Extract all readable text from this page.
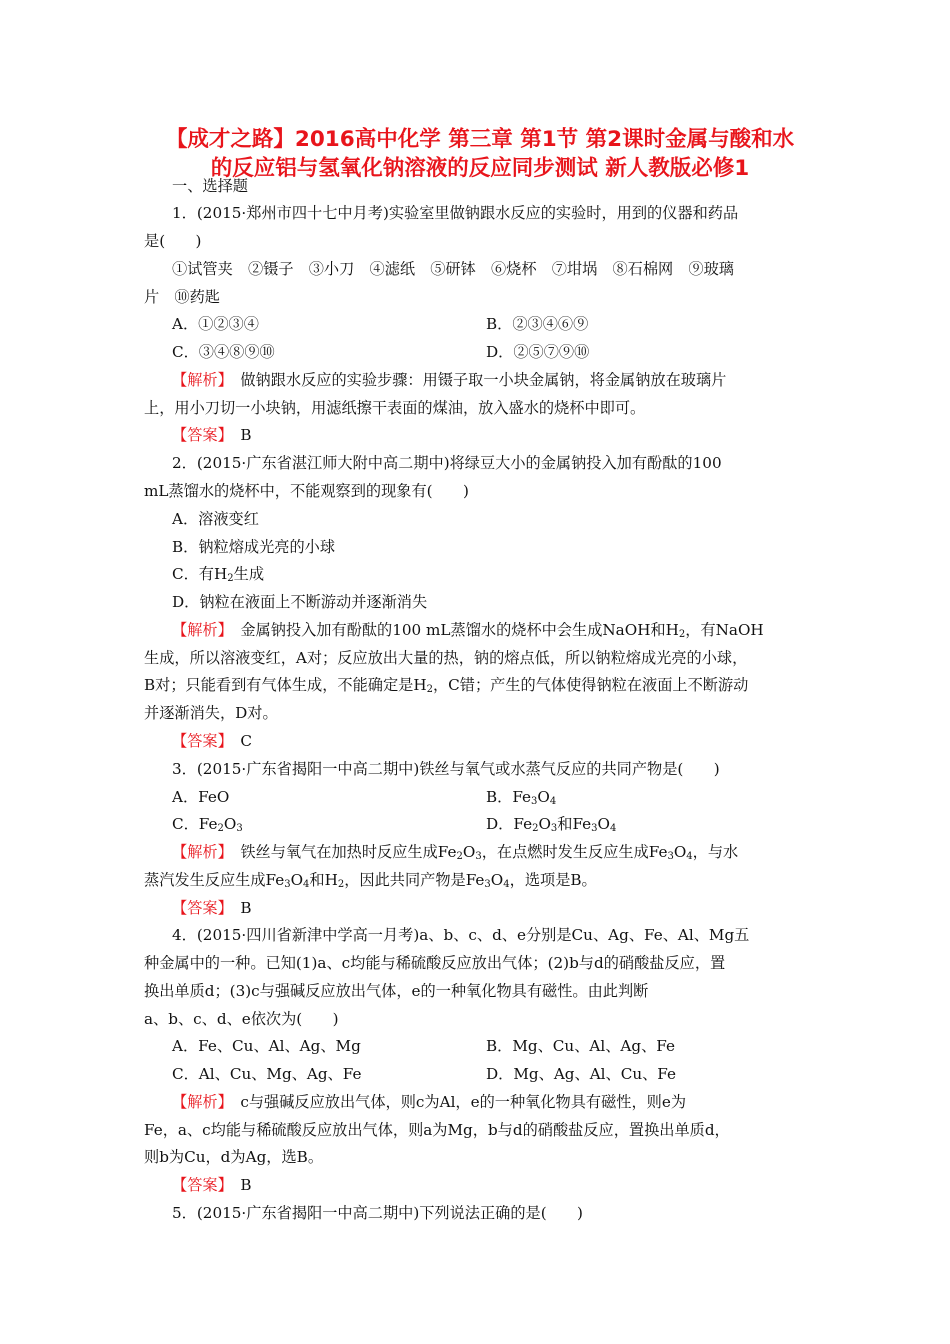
【成才之路】2016高中化学 第三章 第1节 第2课时金属与酸和水
的反应铝与氢氧化钠溶液的反应同步测试 新人教版必修1
一、选择题
1．(2015·郑州市四十七中月考)实验室里做钠跟水反应的实验时，用到的仪器和药品
是(　　)
①试管夹　②镊子　③小刀　④滤纸　⑤研钵　⑥烧杯　⑦坩埚　⑧石棉网　⑨玻璃
片　⑩药匙
A．①②③④	B．②③④⑥⑨
C．③④⑧⑨⑩	D．②⑤⑦⑨⑩
【解析】　 做钠跟水反应的实验步骤：用镊子取一小块金属钠，将金属钠放在玻璃片
上，用小刀切一小块钠，用滤纸擦干表面的煤油，放入盛水的烧杯中即可。
【答案】　 B
2．(2015·广东省湛江师大附中高二期中)将绿豆大小的金属钠投入加有酚酞的100
mL蒸馏水的烧杯中，不能观察到的现象有(　　)
A．溶液变红
B．钠粒熔成光亮的小球
C．有$H_2$生成
D．钠粒在液面上不断游动并逐渐消失
【解析】　 金属钠投入加有酚酞的100 mL蒸馏水的烧杯中会生成NaOH和$H_2$，有NaOH
生成，所以溶液变红，A对；反应放出大量的热，钠的熔点低，所以钠粒熔成光亮的小球，
B对；只能看到有气体生成，不能确定是$H_2$，C错；产生的气体使得钠粒在液面上不断游动
并逐渐消失，D对。
【答案】　 C
3．(2015·广东省揭阳一中高二期中)铁丝与氧气或水蒸气反应的共同产物是(　　)
A．FeO	B．$Fe_3O_4$
C．$Fe_2O_3$	D．$Fe_2O_3$和$Fe_3O_4$
【解析】　 铁丝与氧气在加热时反应生成$Fe_2O_3$，在点燃时发生反应生成$Fe_3O_4$，与水
蒸汽发生反应生成$Fe_3O_4$和$H_2$，因此共同产物是$Fe_3O_4$，选项是B。
【答案】　 B
4．(2015·四川省新津中学高一月考)a、b、c、d、e分别是Cu、Ag、Fe、Al、Mg五
种金属中的一种。已知(1)a、c均能与稀硫酸反应放出气体；(2)b与d的硝酸盐反应，置
换出单质d；(3)c与强碱反应放出气体，e的一种氧化物具有磁性。由此判断
a、b、c、d、e依次为(　　)
A．Fe、Cu、Al、Ag、Mg	B．Mg、Cu、Al、Ag、Fe
C．Al、Cu、Mg、Ag、Fe	D．Mg、Ag、Al、Cu、Fe
【解析】　 c与强碱反应放出气体，则c为Al，e的一种氧化物具有磁性，则e为
Fe，a、c均能与稀硫酸反应放出气体，则a为Mg，b与d的硝酸盐反应，置换出单质d，
则b为Cu，d为Ag，选B。
【答案】　 B
5．(2015·广东省揭阳一中高二期中)下列说法正确的是(　　)
